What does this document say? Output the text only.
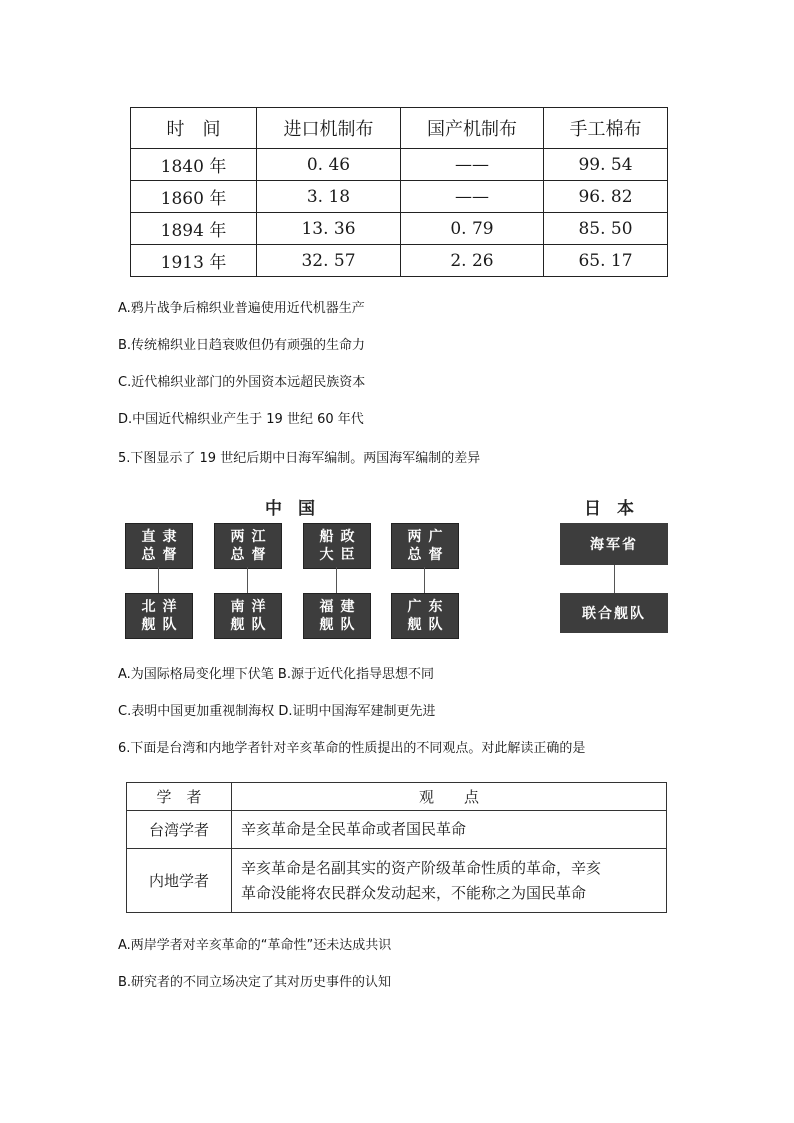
时　间	进口机制布	国产机制布	手工棉布
1840 年	0. 46	——	99. 54
1860 年	3. 18	——	96. 82
1894 年	13. 36	0. 79	85. 50
1913 年	32. 57	2. 26	65. 17
A.鸦片战争后棉织业普遍使用近代机器生产
B.传统棉织业日趋衰败但仍有顽强的生命力
C.近代棉织业部门的外国资本远超民族资本
D.中国近代棉织业产生于 19 世纪 60 年代
5.下图显示了 19 世纪后期中日海军编制。两国海军编制的差异
中国	日本
直隶
总督
两江
总督
船政
大臣
两广
总督
北洋
舰队
南洋
舰队
福建
舰队
广东
舰队
海军省
联合舰队
A.为国际格局变化埋下伏笔 B.源于近代化指导思想不同
C.表明中国更加重视制海权 D.证明中国海军建制更先进
6.下面是台湾和内地学者针对辛亥革命的性质提出的不同观点。对此解读正确的是
学　者	观　　点
台湾学者	辛亥革命是全民革命或者国民革命

内地学者	辛亥革命是名副其实的资产阶级革命性质的革命，辛亥
革命没能将农民群众发动起来，不能称之为国民革命
A.两岸学者对辛亥革命的“革命性”还未达成共识
B.研究者的不同立场决定了其对历史事件的认知
